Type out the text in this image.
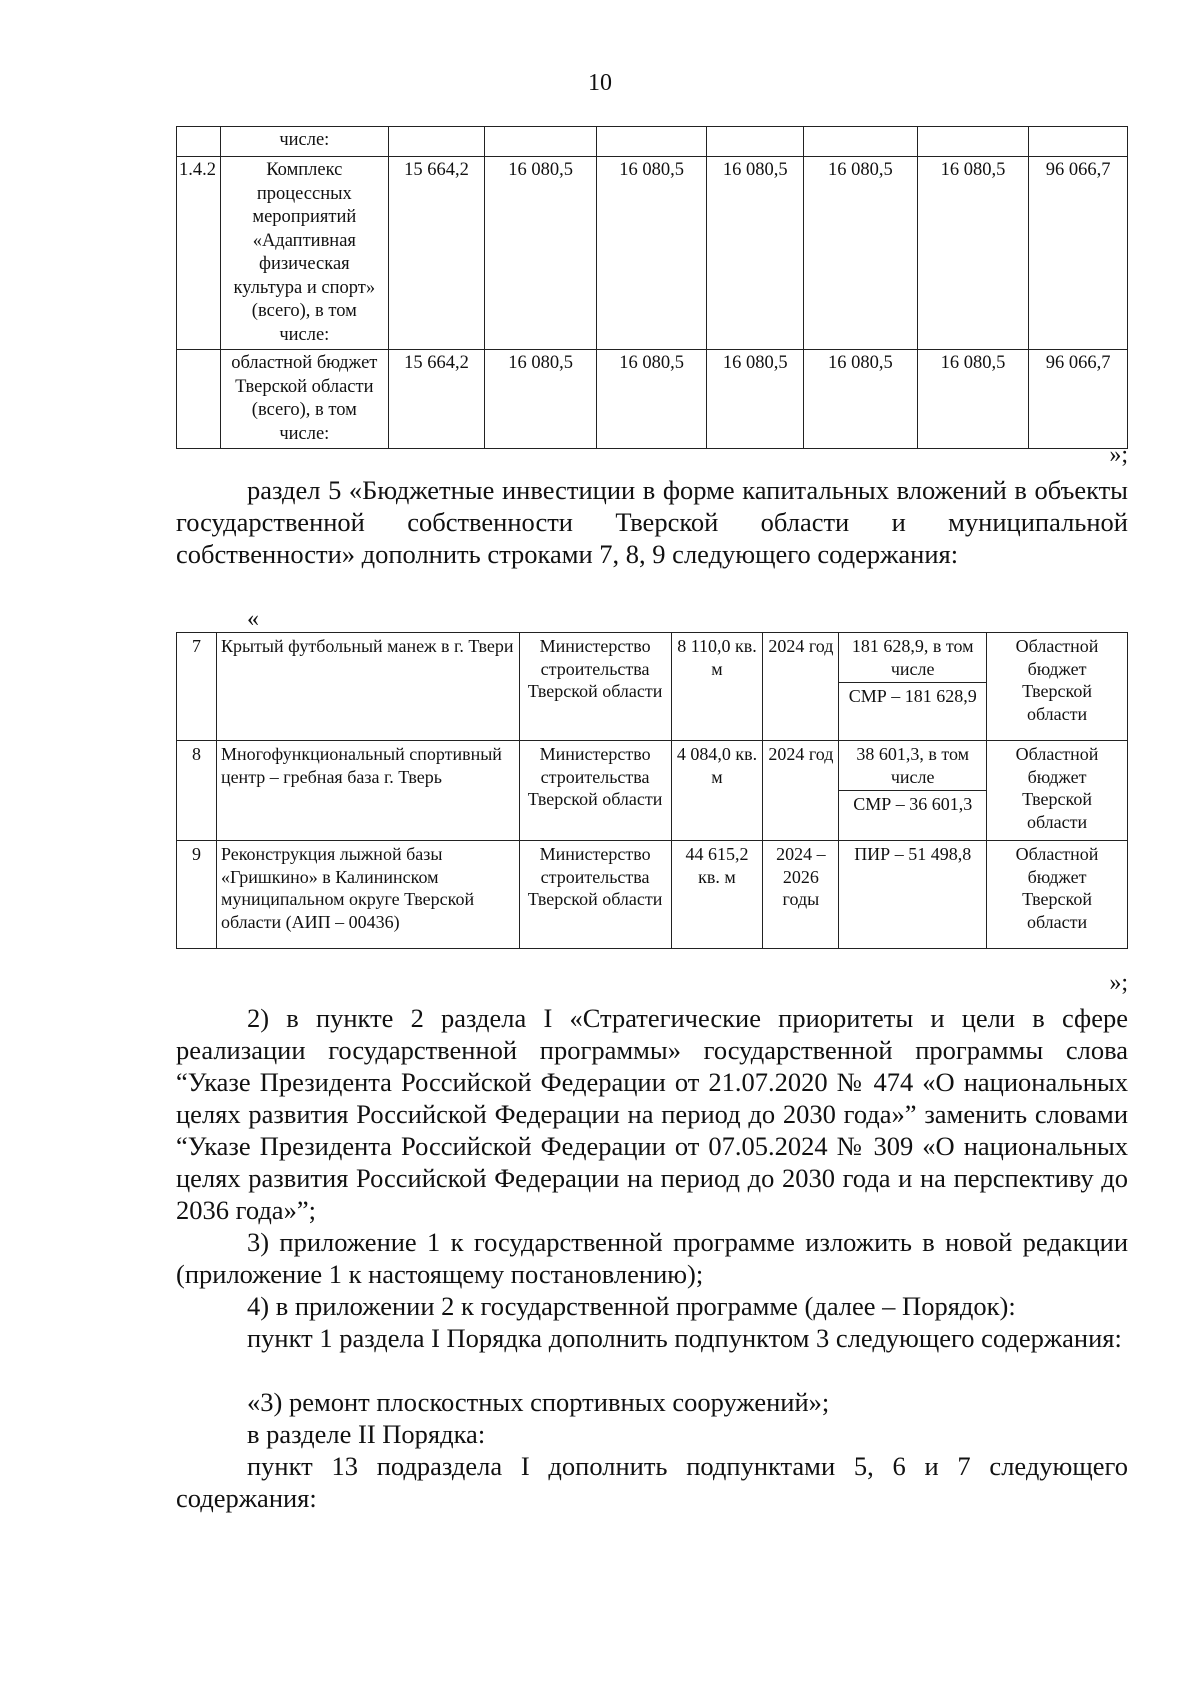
10
	числе:							
1.4.2	Комплекс процессных мероприятий «Адаптивная физическая культура и спорт» (всего), в том числе:	15 664,2	16 080,5	16 080,5	16 080,5	16 080,5	16 080,5	96 066,7
	областной бюджет Тверской области (всего), в том числе:	15 664,2	16 080,5	16 080,5	16 080,5	16 080,5	16 080,5	96 066,7
»;
раздел 5 «Бюджетные инвестиции в форме капитальных вложений в объекты государственной собственности Тверской области и муниципальной собственности» дополнить строками 7, 8, 9 следующего содержания:
«
7	Крытый футбольный манеж в г. Твери	Министерство строительства Тверской области	8 110,0 кв. м	2024 год	181 628,9, в том числе	Областной бюджет Тверской области
					СМР – 181 628,9	
8	Многофункциональный спортивный центр – гребная база г. Тверь	Министерство строительства Тверской области	4 084,0 кв. м	2024 год	38 601,3, в том числе	Областной бюджет Тверской области
					СМР – 36 601,3	
9	Реконструкция лыжной базы «Гришкино» в Калининском муниципальном округе Тверской области (АИП – 00436)	Министерство строительства Тверской области	44 615,2 кв. м	2024 – 2026 годы	ПИР – 51 498,8	Областной бюджет Тверской области
»;
2) в пункте 2 раздела I «Стратегические приоритеты и цели в сфере реализации государственной программы» государственной программы слова “Указе Президента Российской Федерации от 21.07.2020 № 474 «О национальных целях развития Российской Федерации на период до 2030 года»” заменить словами “Указе Президента Российской Федерации от 07.05.2024 № 309 «О национальных целях развития Российской Федерации на период до 2030 года и на перспективу до 2036 года»”;
3) приложение 1 к государственной программе изложить в новой редакции (приложение 1 к настоящему постановлению);
4) в приложении 2 к государственной программе (далее – Порядок):
пункт 1 раздела I Порядка дополнить подпунктом 3 следующего содержания:
«3) ремонт плоскостных спортивных сооружений»;
в разделе II Порядка:
пункт 13 подраздела I дополнить подпунктами 5, 6 и 7 следующего содержания:
